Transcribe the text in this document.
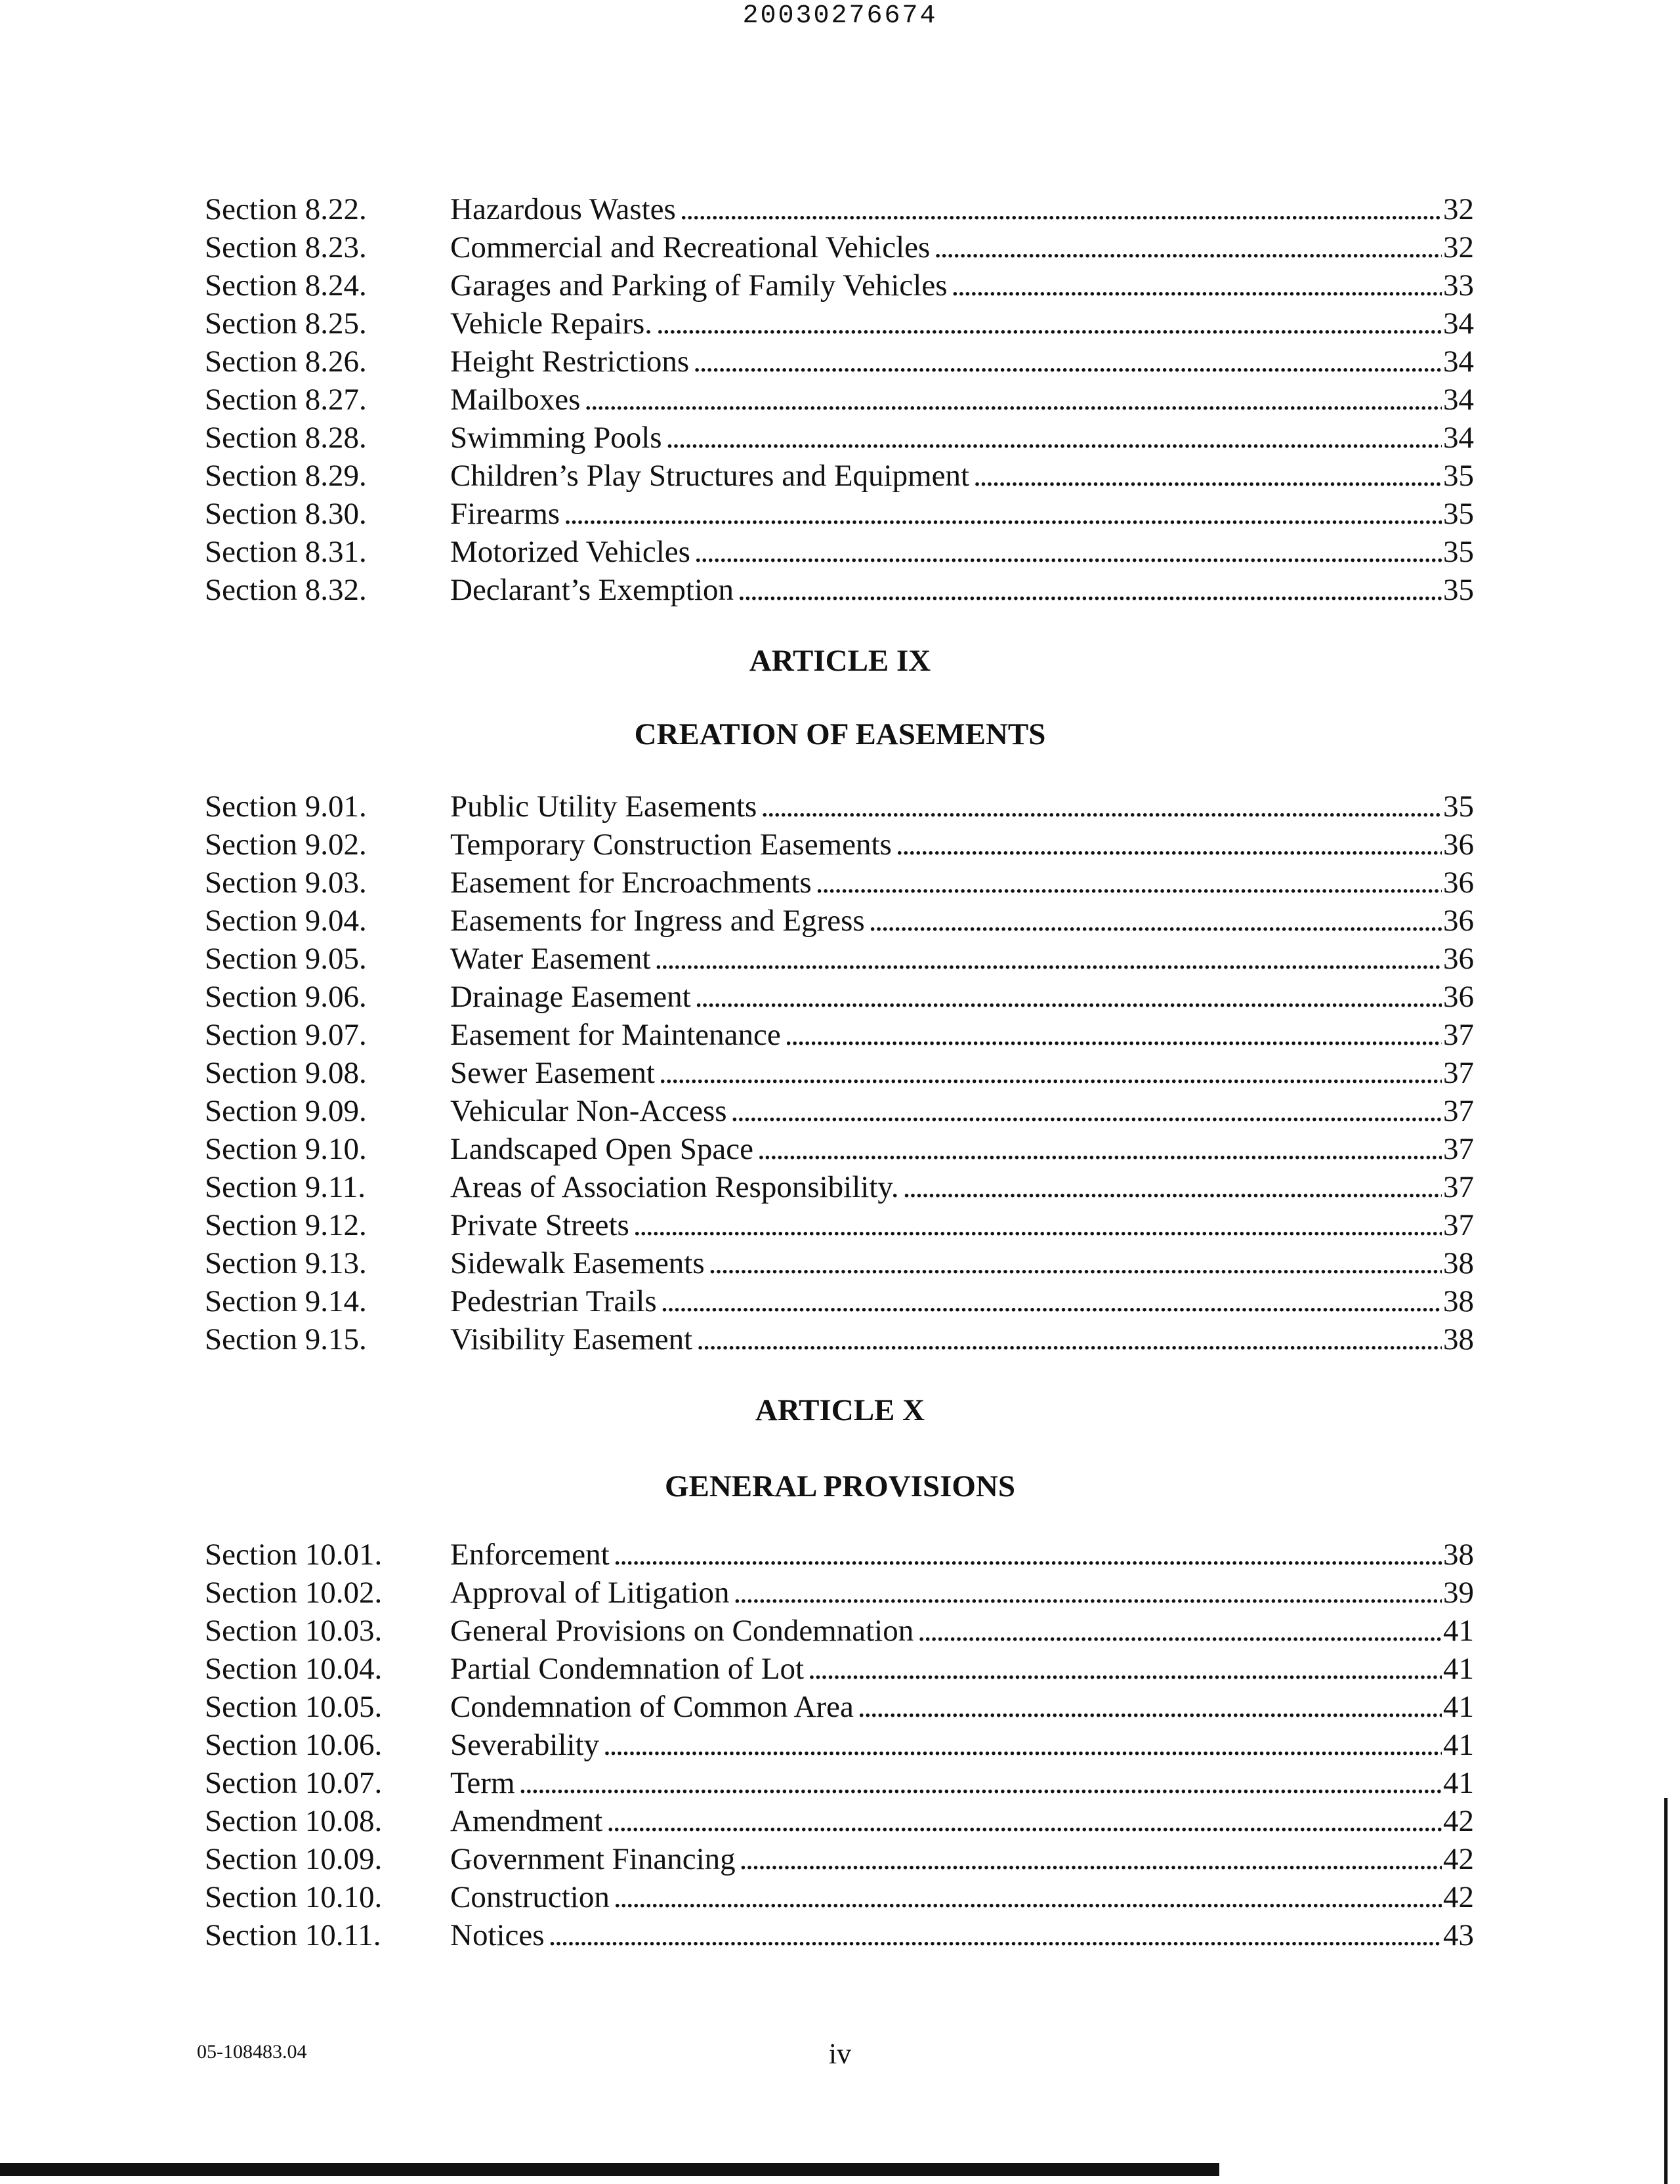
20030276674
Section 8.22.	Hazardous Wastes . . .	32
Section 8.23.	Commercial and Recreational Vehicles . . .	32
Section 8.24.	Garages and Parking of Family Vehicles . . .	33
Section 8.25.	Vehicle Repairs. . . .	34
Section 8.26.	Height Restrictions . . .	34
Section 8.27.	Mailboxes . . .	34
Section 8.28.	Swimming Pools . . .	34
Section 8.29.	Children’s Play Structures and Equipment . . .	35
Section 8.30.	Firearms . . .	35
Section 8.31.	Motorized Vehicles . . .	35
Section 8.32.	Declarant’s Exemption . . .	35
ARTICLE IX
CREATION OF EASEMENTS
Section 9.01.	Public Utility Easements . . .	35
Section 9.02.	Temporary Construction Easements . . .	36
Section 9.03.	Easement for Encroachments . . .	36
Section 9.04.	Easements for Ingress and Egress . . .	36
Section 9.05.	Water Easement . . .	36
Section 9.06.	Drainage Easement . . .	36
Section 9.07.	Easement for Maintenance . . .	37
Section 9.08.	Sewer Easement . . .	37
Section 9.09.	Vehicular Non-Access . . .	37
Section 9.10.	Landscaped Open Space . . .	37
Section 9.11.	Areas of Association Responsibility. . . .	37
Section 9.12.	Private Streets . . .	37
Section 9.13.	Sidewalk Easements . . .	38
Section 9.14.	Pedestrian Trails . . .	38
Section 9.15.	Visibility Easement . . .	38
ARTICLE X
GENERAL PROVISIONS
Section 10.01. Enforcement . . .	38
Section 10.02. Approval of Litigation . . .	39
Section 10.03. General Provisions on Condemnation . . .	41
Section 10.04. Partial Condemnation of Lot . . .	41
Section 10.05. Condemnation of Common Area . . .	41
Section 10.06. Severability . . .	41
Section 10.07. Term . . .	41
Section 10.08. Amendment . . .	42
Section 10.09. Government Financing . . .	42
Section 10.10. Construction . . .	42
Section 10.11. Notices . . .	43
05-108483.04	iv
